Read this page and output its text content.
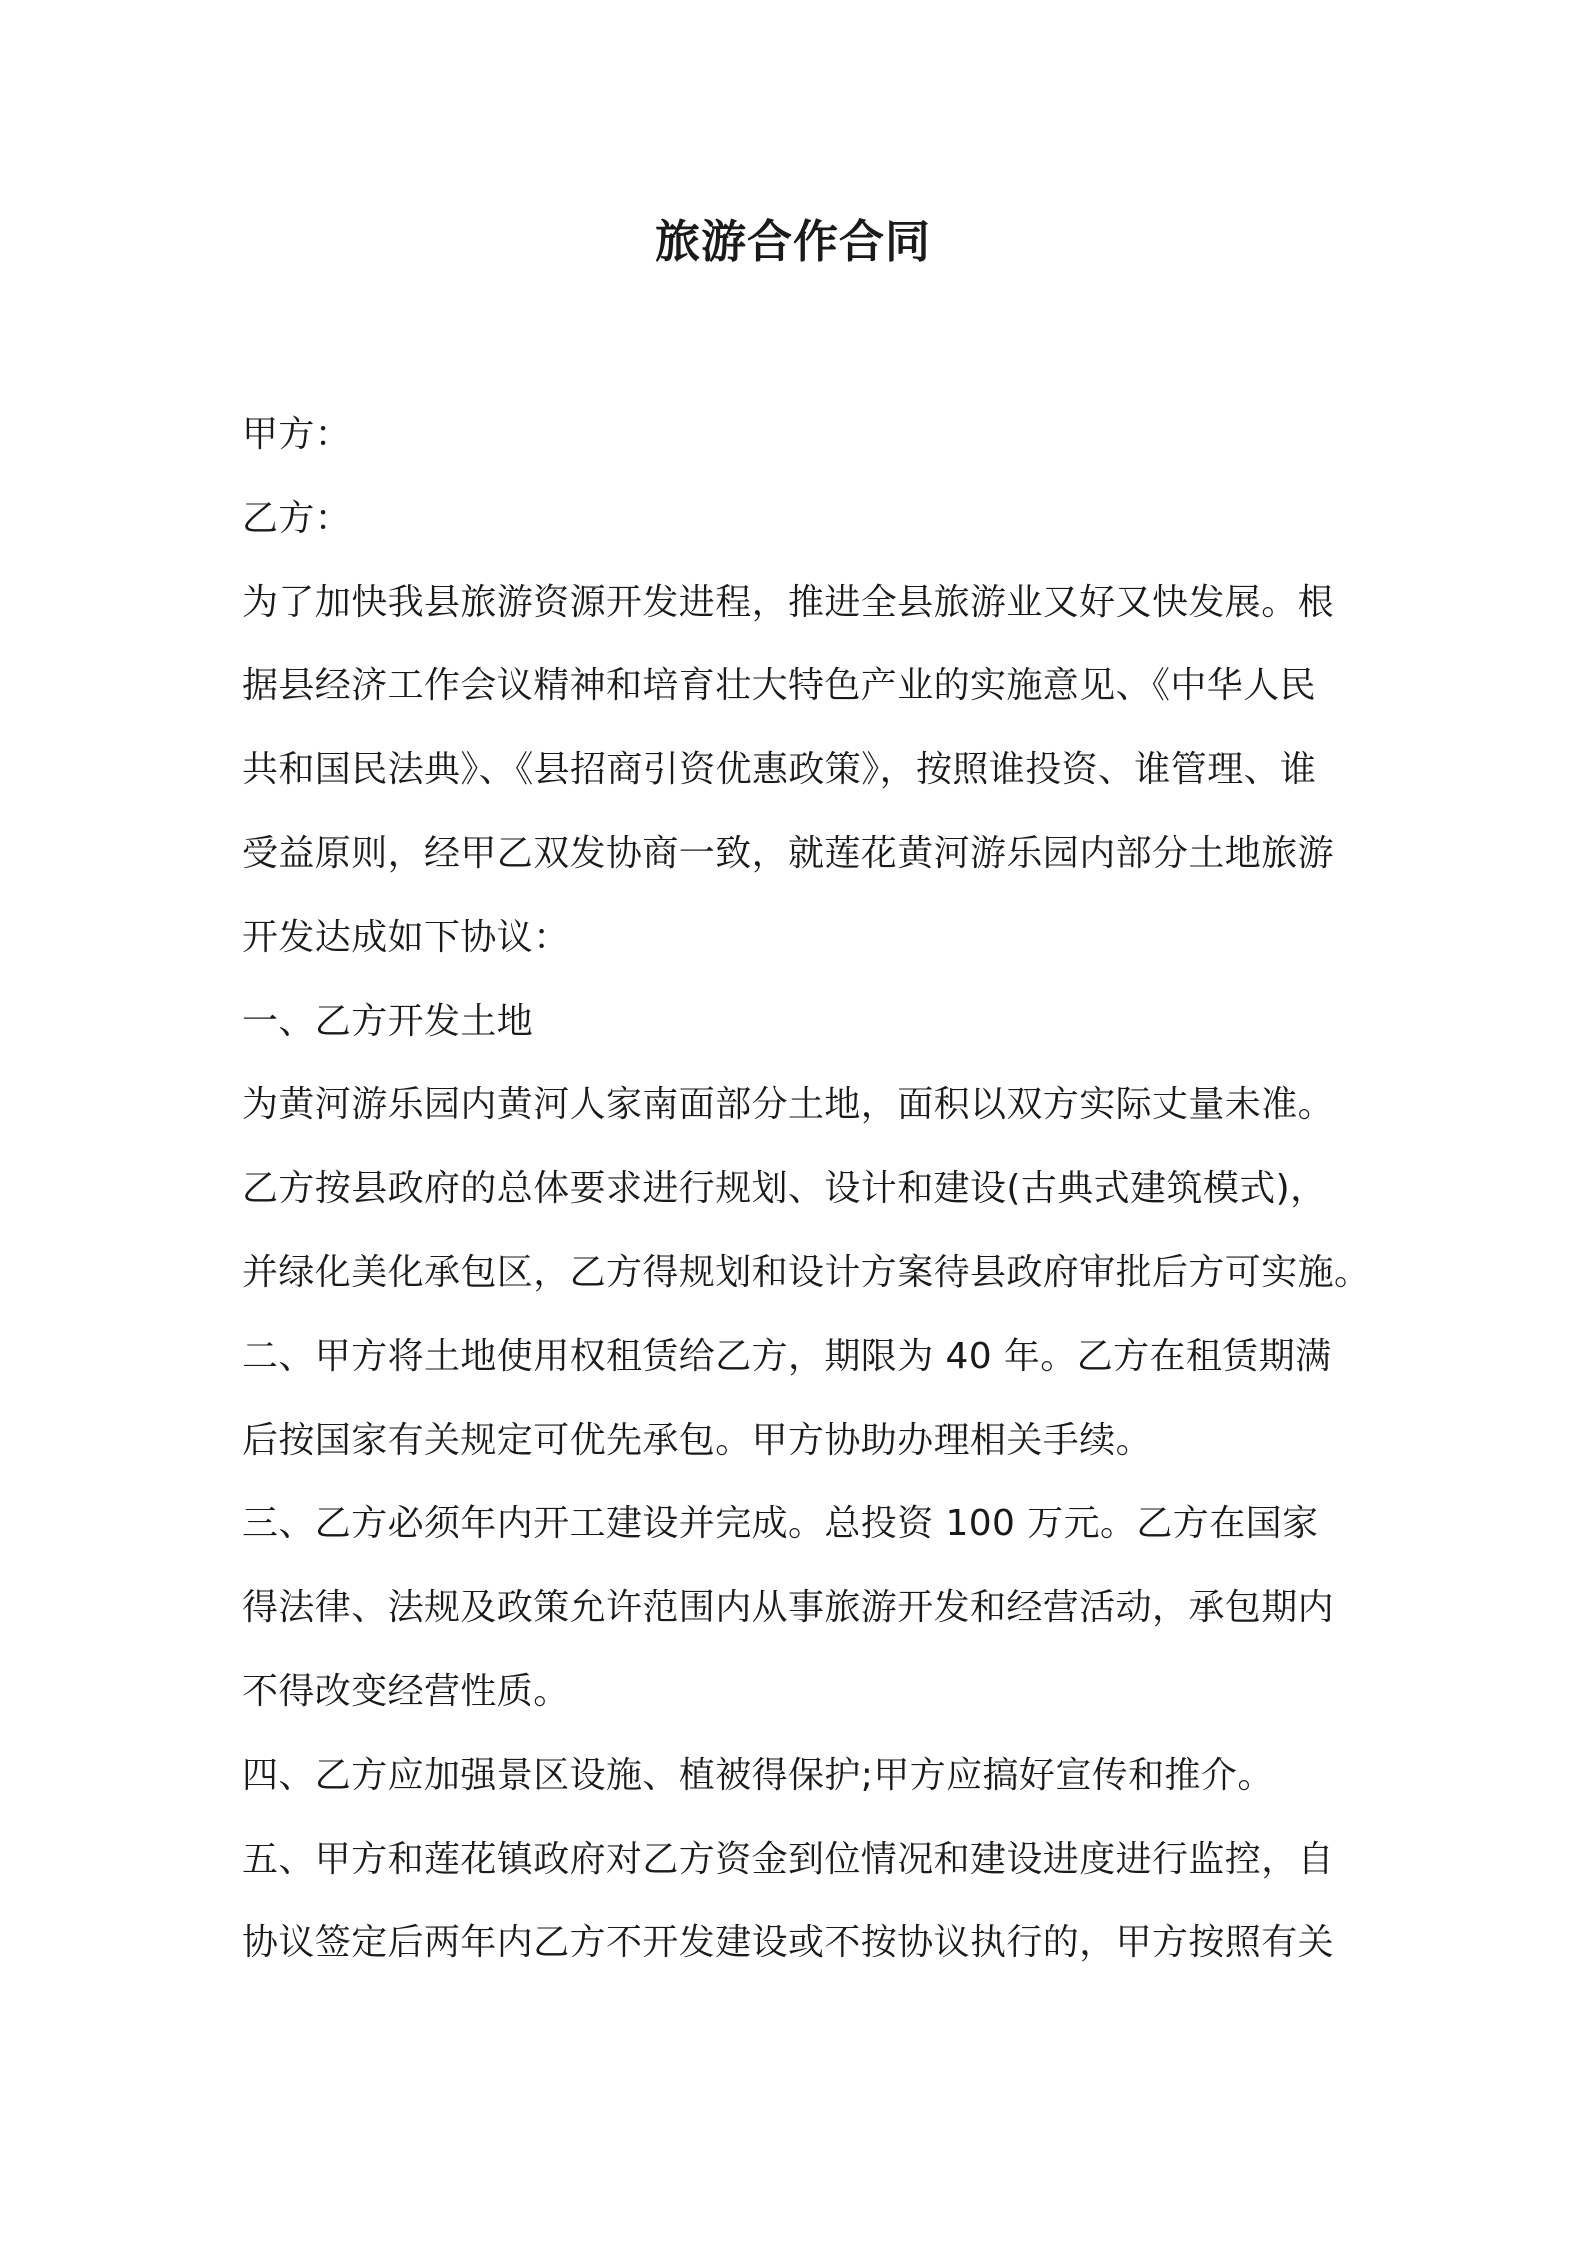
旅游合作合同
甲方：
乙方：
为了加快我县旅游资源开发进程，推进全县旅游业又好又快发展。根
据县经济工作会议精神和培育壮大特色产业的实施意见、《中华人民
共和国民法典》、《县招商引资优惠政策》，按照谁投资、谁管理、谁
受益原则，经甲乙双发协商一致，就莲花黄河游乐园内部分土地旅游
开发达成如下协议：
一、乙方开发土地
为黄河游乐园内黄河人家南面部分土地，面积以双方实际丈量未准。
乙方按县政府的总体要求进行规划、设计和建设(古典式建筑模式)，
并绿化美化承包区，乙方得规划和设计方案待县政府审批后方可实施。
二、甲方将土地使用权租赁给乙方，期限为 40 年。乙方在租赁期满
后按国家有关规定可优先承包。甲方协助办理相关手续。
三、乙方必须年内开工建设并完成。总投资 100 万元。乙方在国家
得法律、法规及政策允许范围内从事旅游开发和经营活动，承包期内
不得改变经营性质。
四、乙方应加强景区设施、植被得保护;甲方应搞好宣传和推介。
五、甲方和莲花镇政府对乙方资金到位情况和建设进度进行监控，自
协议签定后两年内乙方不开发建设或不按协议执行的，甲方按照有关
